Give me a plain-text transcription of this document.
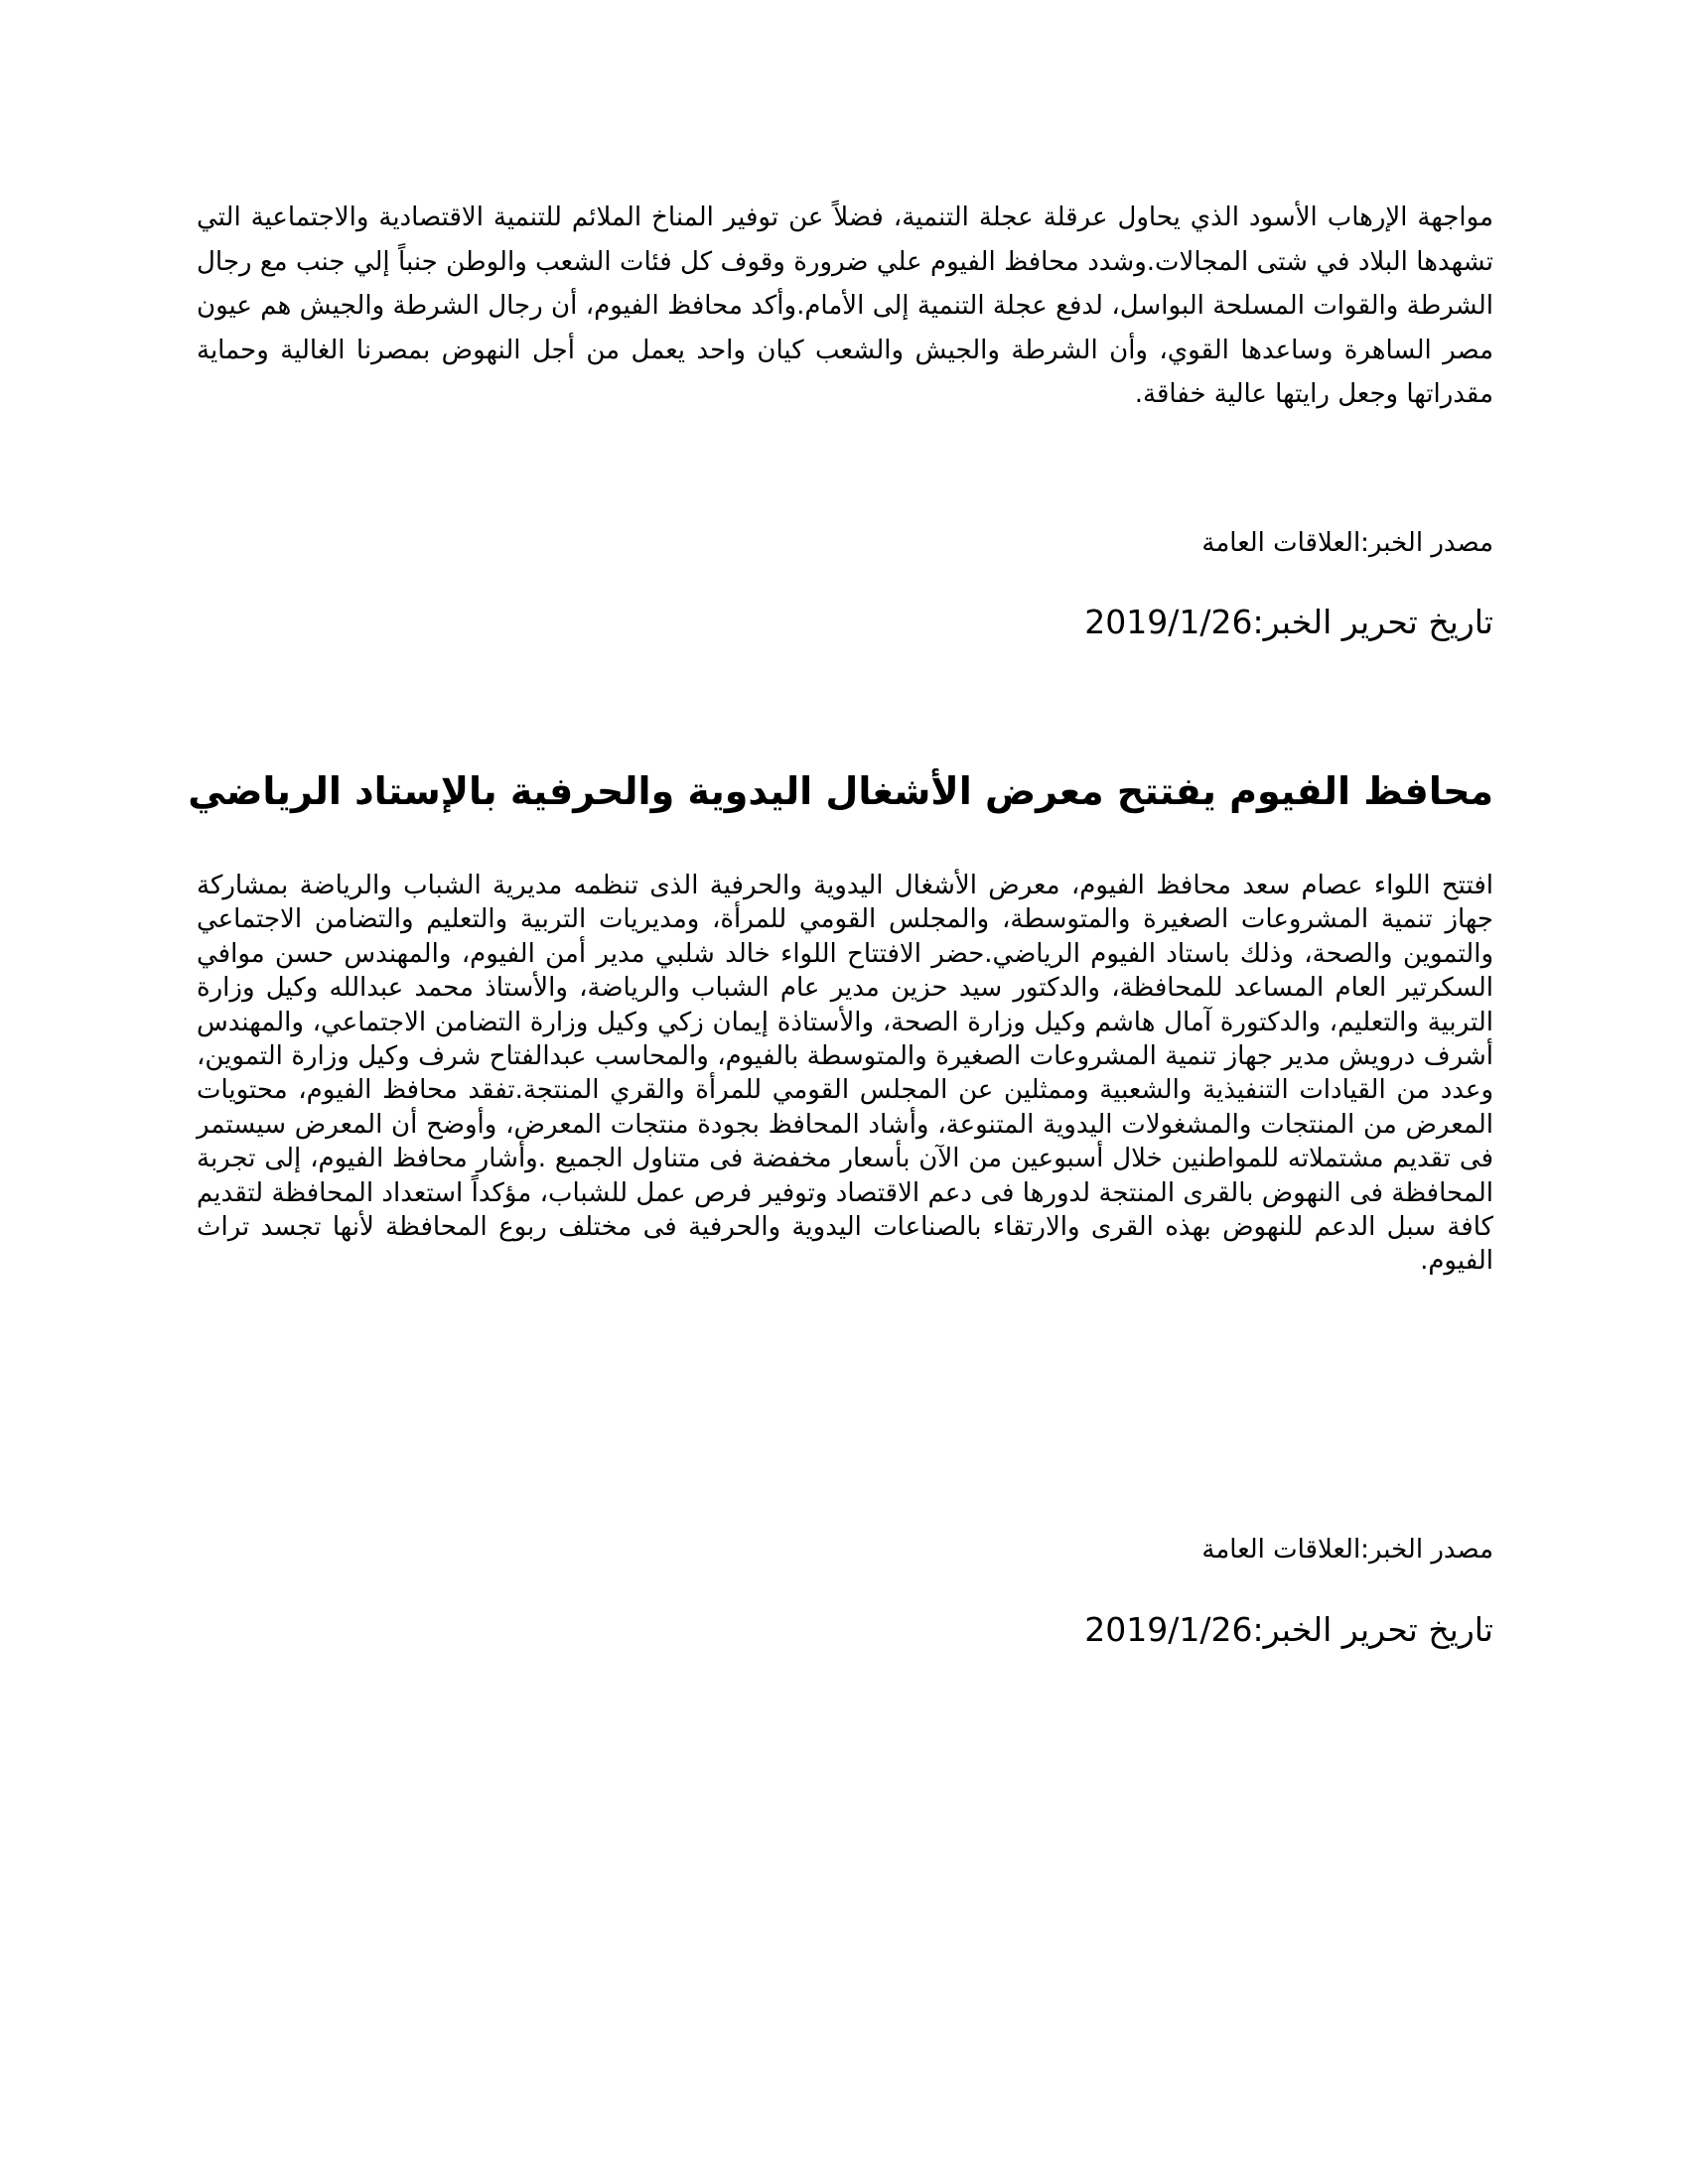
مواجهة الإرهاب الأسود الذي يحاول عرقلة عجلة التنمية، فضلاً عن توفير المناخ الملائم للتنمية الاقتصادية والاجتماعية التي تشهدها البلاد في شتى المجالات.وشدد محافظ الفيوم علي ضرورة وقوف كل فئات الشعب والوطن جنباً إلي جنب مع رجال الشرطة والقوات المسلحة البواسل، لدفع عجلة التنمية إلى الأمام.وأكد محافظ الفيوم، أن رجال الشرطة والجيش هم عيون مصر الساهرة وساعدها القوي، وأن الشرطة والجيش والشعب كيان واحد يعمل من أجل النهوض بمصرنا الغالية وحماية مقدراتها وجعل رايتها عالية خفاقة.
مصدر الخبر:العلاقات العامة
تاريخ تحرير الخبر:2019/1/26
محافظ الفيوم يفتتح معرض الأشغال اليدوية والحرفية بالإستاد الرياضي
افتتح اللواء عصام سعد محافظ الفيوم، معرض الأشغال اليدوية والحرفية الذى تنظمه مديرية الشباب والرياضة بمشاركة جهاز تنمية المشروعات الصغيرة والمتوسطة، والمجلس القومي للمرأة، ومديريات التربية والتعليم والتضامن الاجتماعي والتموين والصحة، وذلك باستاد الفيوم الرياضي.حضر الافتتاح اللواء خالد شلبي مدير أمن الفيوم، والمهندس حسن موافي السكرتير العام المساعد للمحافظة، والدكتور سيد حزين مدير عام الشباب والرياضة، والأستاذ محمد عبدالله وكيل وزارة التربية والتعليم، والدكتورة آمال هاشم وكيل وزارة الصحة، والأستاذة إيمان زكي وكيل وزارة التضامن الاجتماعي، والمهندس أشرف درويش مدير جهاز تنمية المشروعات الصغيرة والمتوسطة بالفيوم، والمحاسب عبدالفتاح شرف وكيل وزارة التموين، وعدد من القيادات التنفيذية والشعبية وممثلين عن المجلس القومي للمرأة والقري المنتجة.تفقد محافظ الفيوم، محتويات المعرض من المنتجات والمشغولات اليدوية المتنوعة، وأشاد المحافظ بجودة منتجات المعرض، وأوضح أن المعرض سيستمر فى تقديم مشتملاته للمواطنين خلال أسبوعين من الآن بأسعار مخفضة فى متناول الجميع .وأشار محافظ الفيوم، إلى تجربة المحافظة فى النهوض بالقرى المنتجة لدورها فى دعم الاقتصاد وتوفير فرص عمل للشباب، مؤكداً استعداد المحافظة لتقديم كافة سبل الدعم للنهوض بهذه القرى والارتقاء بالصناعات اليدوية والحرفية فى مختلف ربوع المحافظة لأنها تجسد تراث الفيوم.
مصدر الخبر:العلاقات العامة
تاريخ تحرير الخبر:2019/1/26
